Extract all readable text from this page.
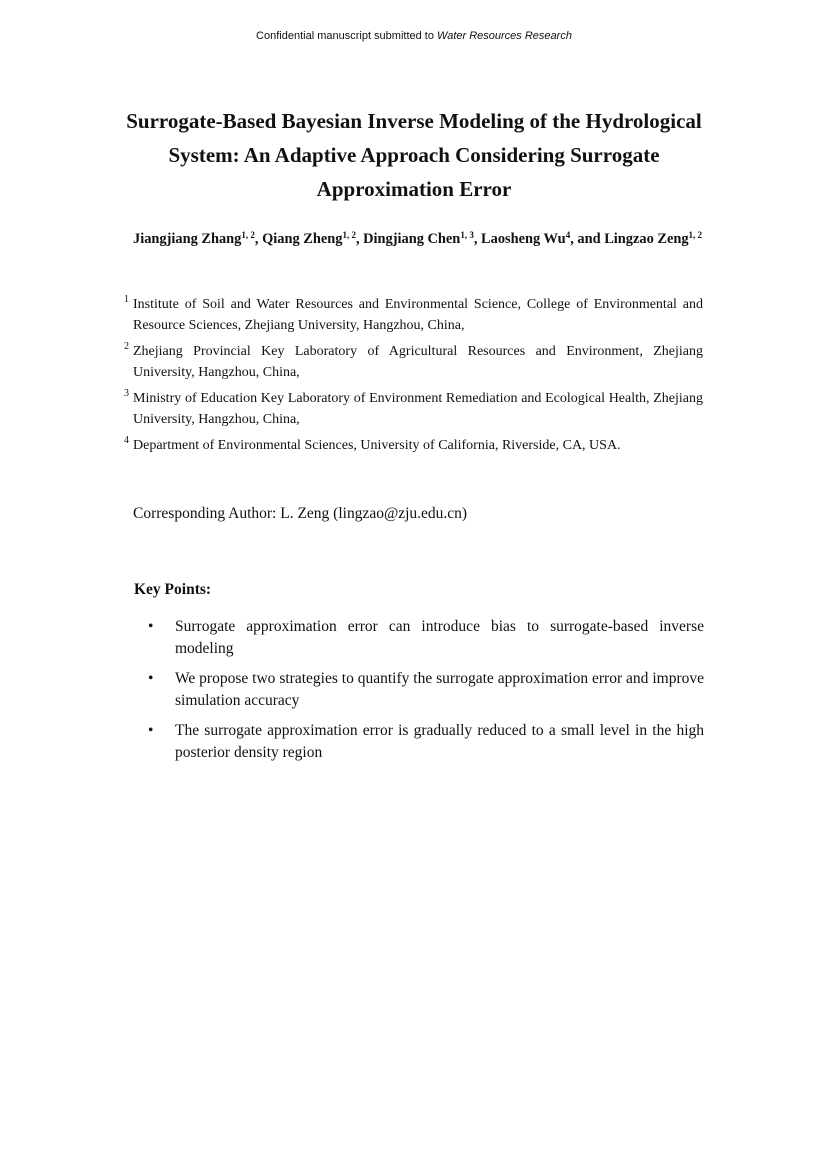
Confidential manuscript submitted to Water Resources Research
Surrogate-Based Bayesian Inverse Modeling of the Hydrological System: An Adaptive Approach Considering Surrogate Approximation Error

Jiangjiang Zhang$^{1, 2}$, Qiang Zheng$^{1, 2}$, Dingjiang Chen$^{1, 3}$, Laosheng Wu$^4$, and Lingzao Zeng$^{1, 2}$

1 Institute of Soil and Water Resources and Environmental Science, College of Environmental and Resource Sciences, Zhejiang University, Hangzhou, China,

2 Zhejiang Provincial Key Laboratory of Agricultural Resources and Environment, Zhejiang University, Hangzhou, China,

3 Ministry of Education Key Laboratory of Environment Remediation and Ecological Health, Zhejiang University, Hangzhou, China,

4 Department of Environmental Sciences, University of California, Riverside, CA, USA.

Corresponding Author: L. Zeng (lingzao@zju.edu.cn)

Key Points:

• Surrogate approximation error can introduce bias to surrogate-based inverse modeling
• We propose two strategies to quantify the surrogate approximation error and improve simulation accuracy
• The surrogate approximation error is gradually reduced to a small level in the high posterior density region
